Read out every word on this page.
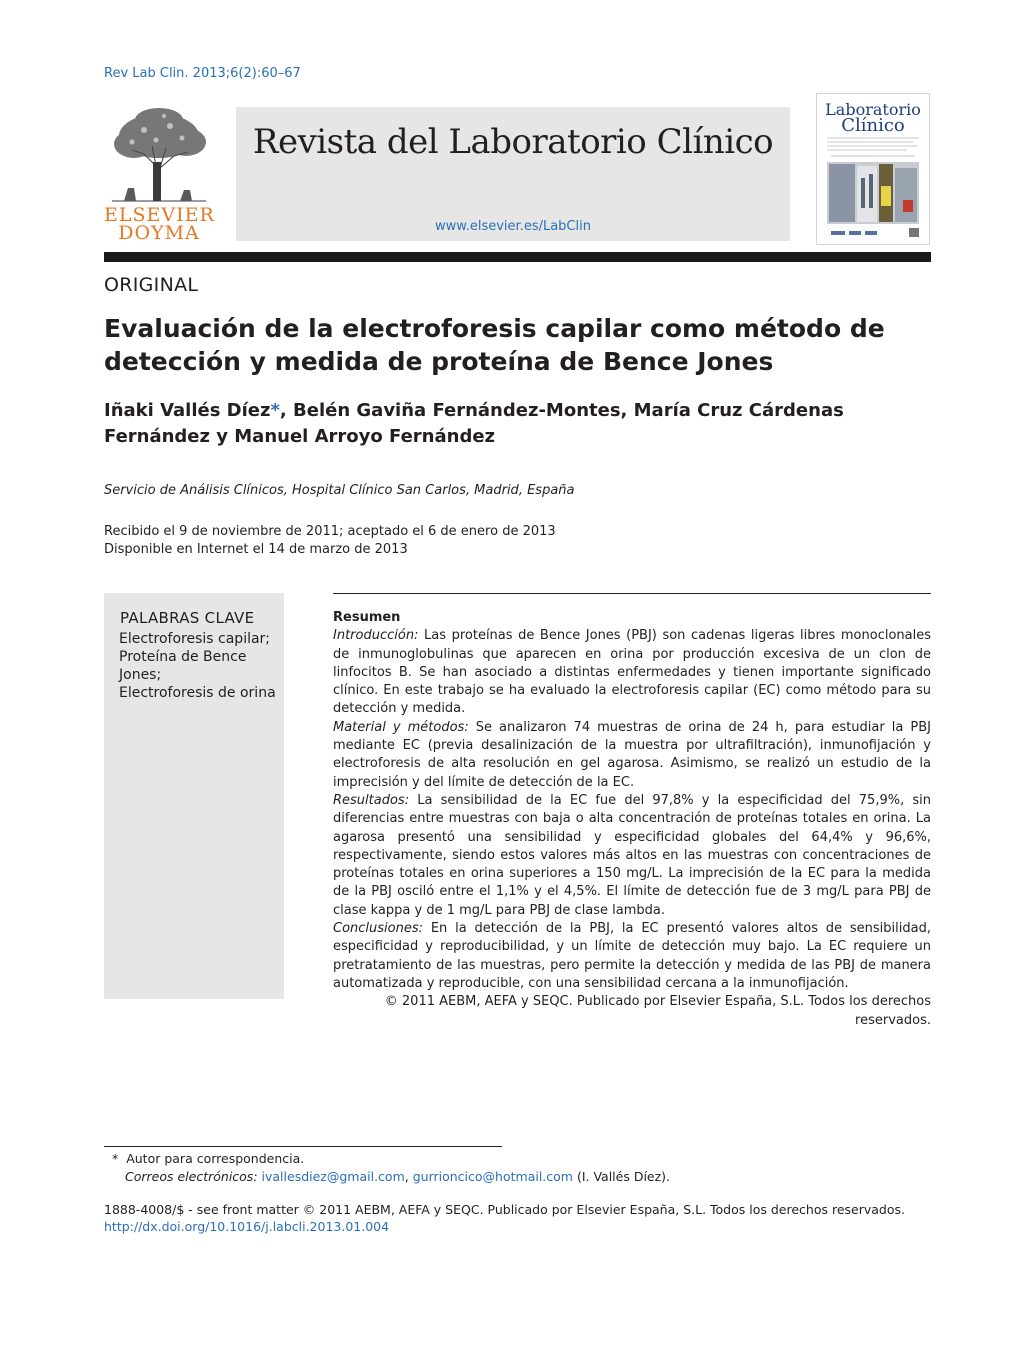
Rev Lab Clin. 2013;6(2):60–67
ELSEVIER
DOYMA
Revista del Laboratorio Clínico
www.elsevier.es/LabClin
Laboratorio
Clínico
ORIGINAL
Evaluación de la electroforesis capilar como método de detección y medida de proteína de Bence Jones
Iñaki Vallés Díez*, Belén Gaviña Fernández-Montes, María Cruz Cárdenas Fernández y Manuel Arroyo Fernández
Servicio de Análisis Clínicos, Hospital Clínico San Carlos, Madrid, España
Recibido el 9 de noviembre de 2011; aceptado el 6 de enero de 2013
Disponible en Internet el 14 de marzo de 2013
PALABRAS CLAVE
Electroforesis capilar;
Proteína de Bence Jones;
Electroforesis de orina

Resumen

Introducción: Las proteínas de Bence Jones (PBJ) son cadenas ligeras libres monoclonales de inmunoglobulinas que aparecen en orina por producción excesiva de un clon de linfocitos B. Se han asociado a distintas enfermedades y tienen importante significado clínico. En este trabajo se ha evaluado la electroforesis capilar (EC) como método para su detección y medida.

Material y métodos: Se analizaron 74 muestras de orina de 24 h, para estudiar la PBJ mediante EC (previa desalinización de la muestra por ultrafiltración), inmunofijación y electroforesis de alta resolución en gel agarosa. Asimismo, se realizó un estudio de la imprecisión y del límite de detección de la EC.

Resultados: La sensibilidad de la EC fue del 97,8% y la especificidad del 75,9%, sin diferencias entre muestras con baja o alta concentración de proteínas totales en orina. La agarosa presentó una sensibilidad y especificidad globales del 64,4% y 96,6%, respectivamente, siendo estos valores más altos en las muestras con concentraciones de proteínas totales en orina superiores a 150 mg/L. La imprecisión de la EC para la medida de la PBJ osciló entre el 1,1% y el 4,5%. El límite de detección fue de 3 mg/L para PBJ de clase kappa y de 1 mg/L para PBJ de clase lambda.

Conclusiones: En la detección de la PBJ, la EC presentó valores altos de sensibilidad, especificidad y reproducibilidad, y un límite de detección muy bajo. La EC requiere un pretratamiento de las muestras, pero permite la detección y medida de las PBJ de manera automatizada y reproducible, con una sensibilidad cercana a la inmunofijación.

© 2011 AEBM, AEFA y SEQC. Publicado por Elsevier España, S.L. Todos los derechos reservados.

* Autor para correspondencia.
Correos electrónicos: ivallesdiez@gmail.com, gurrioncico@hotmail.com (I. Vallés Díez).
1888-4008/$ - see front matter © 2011 AEBM, AEFA y SEQC. Publicado por Elsevier España, S.L. Todos los derechos reservados.
http://dx.doi.org/10.1016/j.labcli.2013.01.004
